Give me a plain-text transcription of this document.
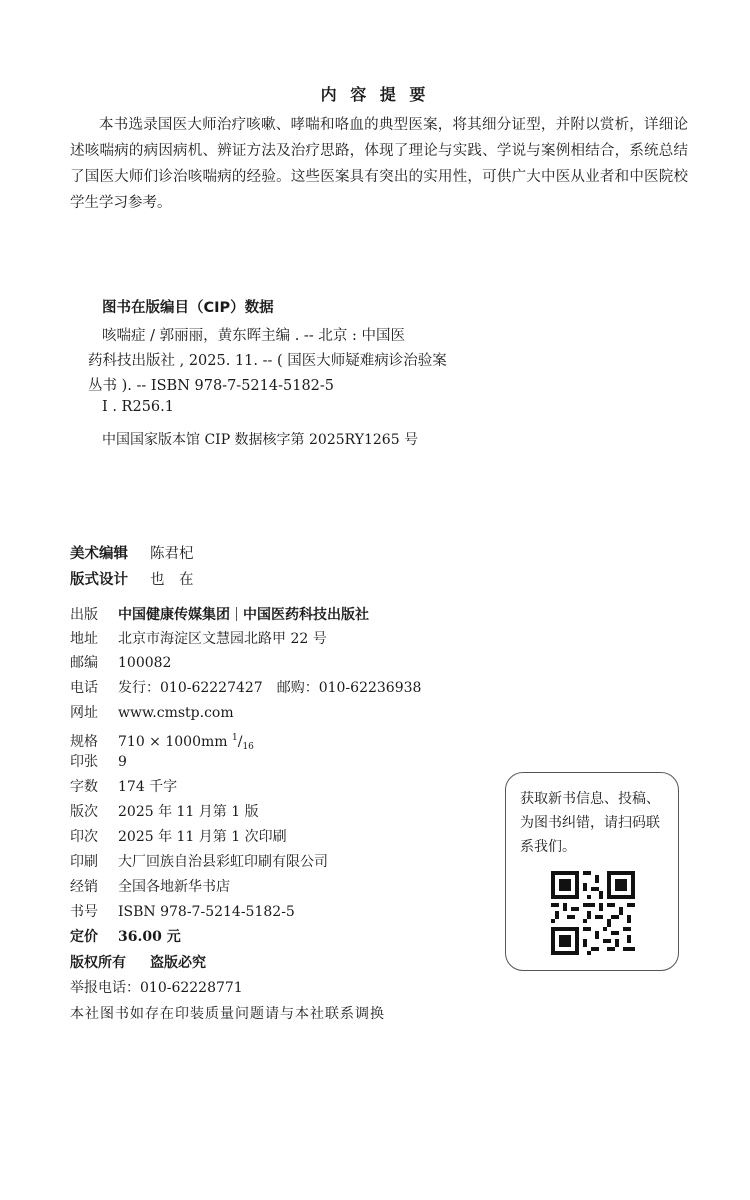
内 容 提 要

本书选录国医大师治疗咳嗽、哮喘和咯血的典型医案，将其细分证型，并附以赏析，详细论述咳喘病的病因病机、辨证方法及治疗思路，体现了理论与实践、学说与案例相结合，系统总结了国医大师们诊治咳喘病的经验。这些医案具有突出的实用性，可供广大中医从业者和中医院校学生学习参考。

图书在版编目（CIP）数据
咳喘症 / 郭丽丽，黄东晖主编 . -- 北京 : 中国医
药科技出版社 , 2025. 11. -- ( 国医大师疑难病诊治验案
丛书 ). -- ISBN 978-7-5214-5182-5
Ⅰ . R256.1
中国国家版本馆 CIP 数据核字第 2025RY1265 号
美术编辑 陈君杞
版式设计 也　在
出版 中国健康传媒集团 中国医药科技出版社
地址 北京市海淀区文慧园北路甲 22 号
邮编 100082
电话 发行：010-62227427　邮购：010-62236938
网址 www.cmstp.com
规格 710 × 1000mm $^1/_{16}$
印张 9
字数 174 千字
版次 2025 年 11 月第 1 版
印次 2025 年 11 月第 1 次印刷
印刷 大厂回族自治县彩虹印刷有限公司
经销 全国各地新华书店
书号 ISBN 978-7-5214-5182-5
定价 36.00 元
版权所有 盗版必究
举报电话：010-62228771
本社图书如存在印装质量问题请与本社联系调换
获取新书信息、投稿、为图书纠错，请扫码联系我们。
